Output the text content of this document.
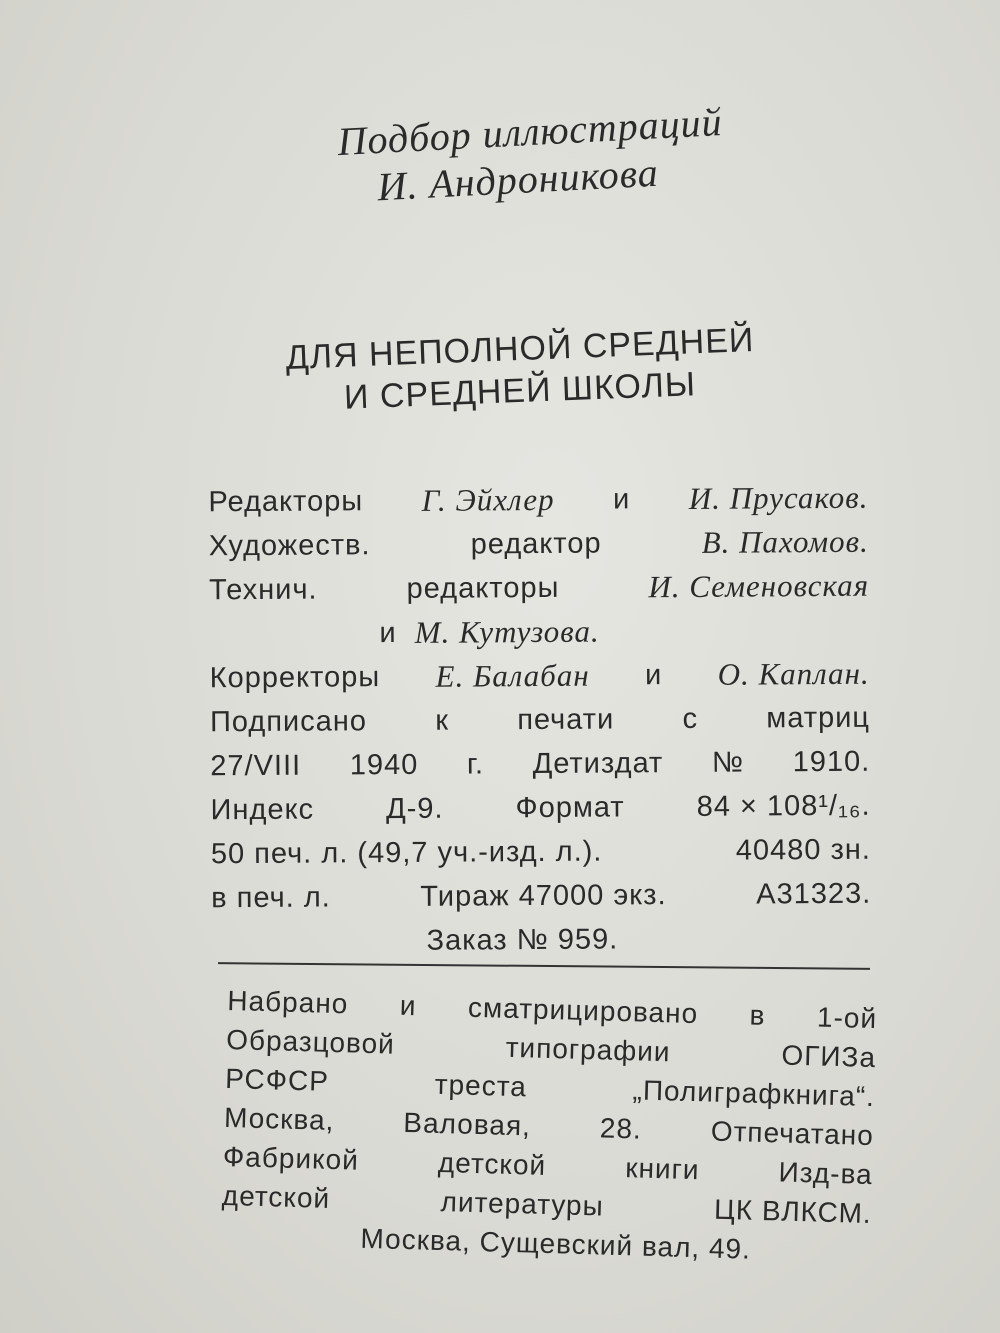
Подбор иллюстраций
И. Андроникова
ДЛЯ НЕПОЛНОЙ СРЕДНЕЙ
И СРЕДНЕЙ ШКОЛЫ
Редакторы Г. Эйхлер и И. Прусаков.
Художеств.	редактор	В. Пахомов.
Технич.	редакторы	И. Семеновская
и
М. Кутузова.
Корректоры Е. Балабан и О. Каплан.
Подписано к печати с матриц
27/VIII 1940 г. Детиздат № 1910.
Индекс Д-9. Формат 84 × 108¹/₁₆.
50 печ. л. (49,7 уч.-изд. л.).	40480 зн.
в печ. л.	Тираж 47000 экз.	А31323.
Заказ № 959.
Набрано и сматрицировано в 1-ой
Образцовой	типографии	ОГИЗа
РСФСР	треста	„Полиграфкнига“.
Москва, Валовая, 28. Отпечатано
Фабрикой	детской	книги	Изд-ва
детской	литературы	ЦК ВЛКСМ.
Москва, Сущевский вал, 49.
